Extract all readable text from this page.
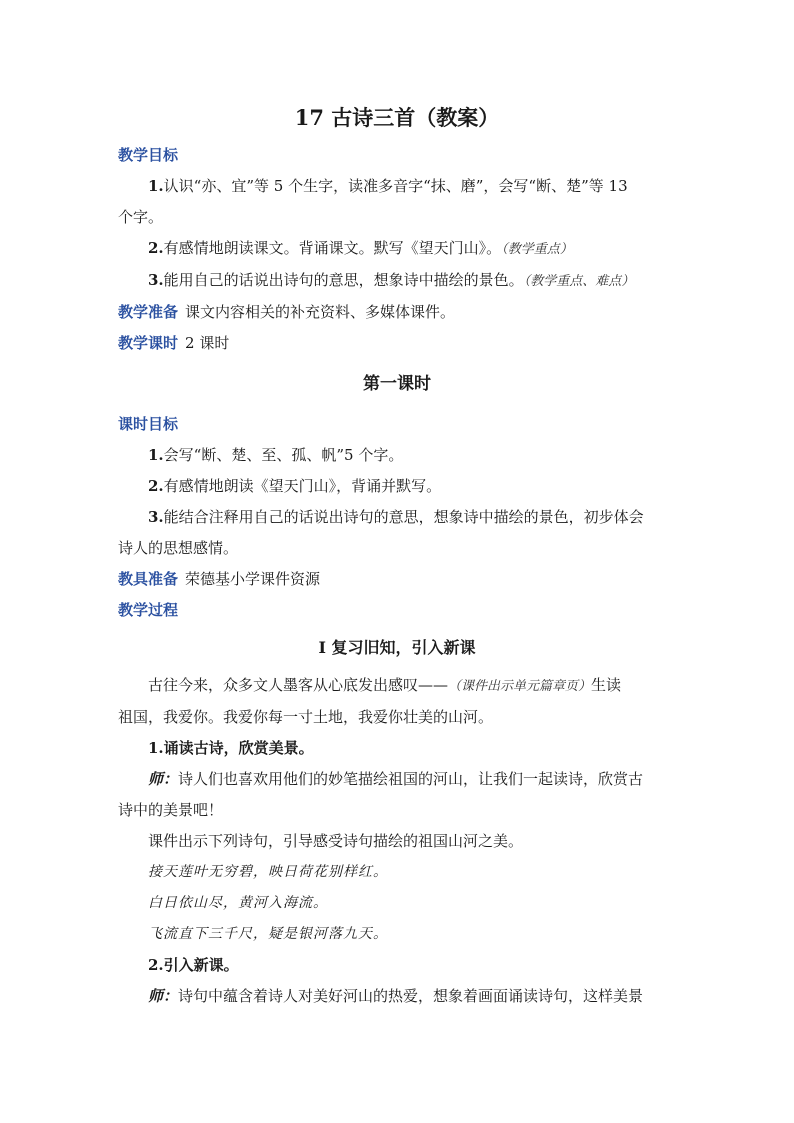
17 古诗三首（教案）

教学目标

1.认识“亦、宜”等 5 个生字，读准多音字“抹、磨”，会写“断、楚”等 13

个字。

2.有感情地朗读课文。背诵课文。默写《望天门山》。（教学重点）

3.能用自己的话说出诗句的意思，想象诗中描绘的景色。（教学重点、难点）

教学准备 课文内容相关的补充资料、多媒体课件。

教学课时 2 课时

第一课时

课时目标

1.会写“断、楚、至、孤、帆”5 个字。

2.有感情地朗读《望天门山》，背诵并默写。

3.能结合注释用自己的话说出诗句的意思，想象诗中描绘的景色，初步体会

诗人的思想感情。

教具准备 荣德基小学课件资源

教学过程

Ⅰ 复习旧知，引入新课

古往今来，众多文人墨客从心底发出感叹——（课件出示单元篇章页）生读

祖国，我爱你。我爱你每一寸土地，我爱你壮美的山河。

1.诵读古诗，欣赏美景。

师：诗人们也喜欢用他们的妙笔描绘祖国的河山，让我们一起读诗，欣赏古

诗中的美景吧！

课件出示下列诗句，引导感受诗句描绘的祖国山河之美。

接天莲叶无穷碧，映日荷花别样红。

白日依山尽，黄河入海流。

飞流直下三千尺，疑是银河落九天。

2.引入新课。

师：诗句中蕴含着诗人对美好河山的热爱，想象着画面诵读诗句，这样美景
